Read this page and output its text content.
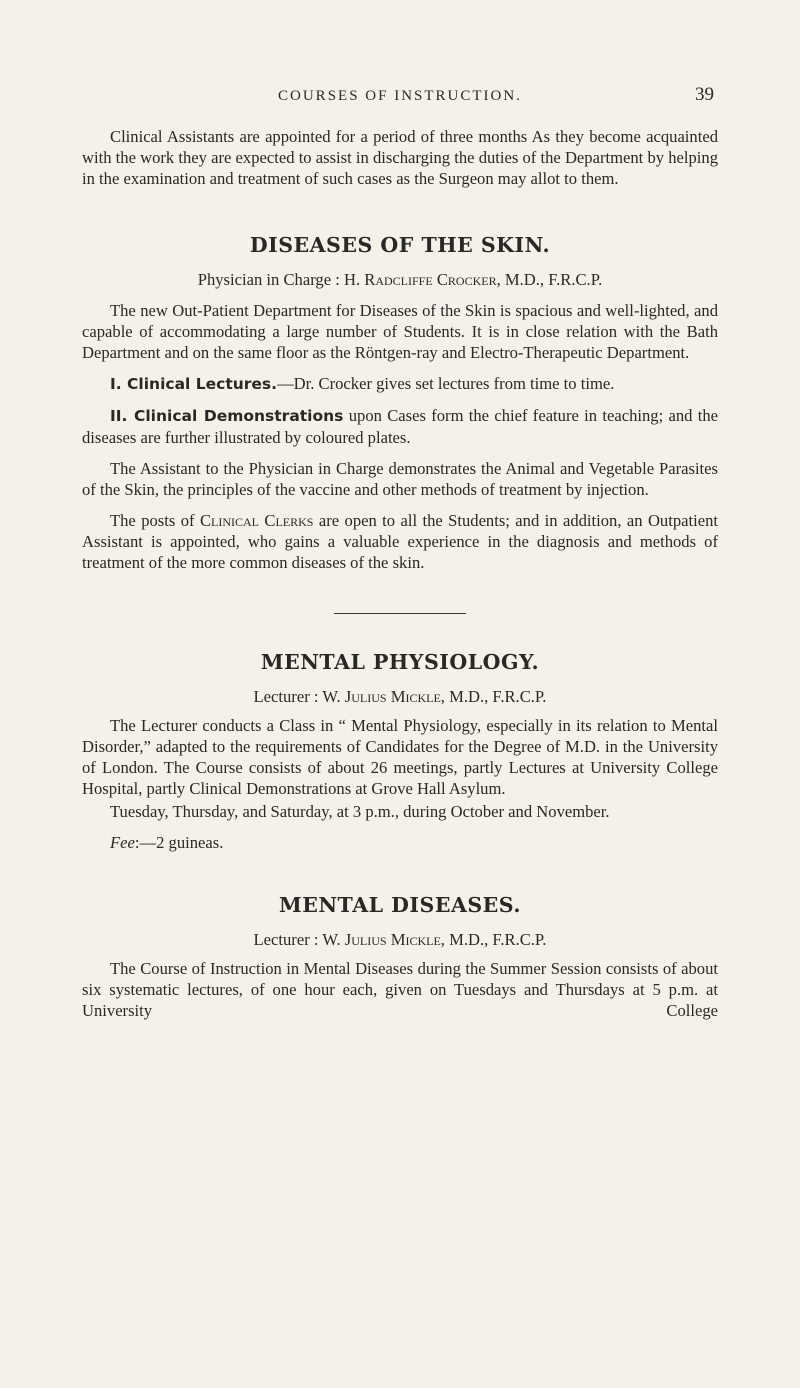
COURSES OF INSTRUCTION.	39

Clinical Assistants are appointed for a period of three months As they become acquainted with the work they are expected to assist in discharging the duties of the Department by helping in the examination and treatment of such cases as the Surgeon may allot to them.

DISEASES OF THE SKIN.

Physician in Charge : H. Radcliffe Crocker, M.D., F.R.C.P.

The new Out-Patient Department for Diseases of the Skin is spacious and well-lighted, and capable of accommodating a large number of Students. It is in close relation with the Bath Department and on the same floor as the Röntgen-ray and Electro-Therapeutic Department.

I. Clinical Lectures.—Dr. Crocker gives set lectures from time to time.

II. Clinical Demonstrations upon Cases form the chief feature in teaching; and the diseases are further illustrated by coloured plates.

The Assistant to the Physician in Charge demonstrates the Animal and Vegetable Parasites of the Skin, the principles of the vaccine and other methods of treatment by injection.

The posts of Clinical Clerks are open to all the Students; and in addition, an Outpatient Assistant is appointed, who gains a valuable experience in the diagnosis and methods of treatment of the more common diseases of the skin.

MENTAL PHYSIOLOGY.

Lecturer : W. Julius Mickle, M.D., F.R.C.P.

The Lecturer conducts a Class in “ Mental Physiology, especially in its relation to Mental Disorder,” adapted to the requirements of Candidates for the Degree of M.D. in the University of London. The Course consists of about 26 meetings, partly Lectures at University College Hospital, partly Clinical Demonstrations at Grove Hall Asylum.

Tuesday, Thursday, and Saturday, at 3 p.m., during October and November.

Fee:—2 guineas.

MENTAL DISEASES.

Lecturer : W. Julius Mickle, M.D., F.R.C.P.

The Course of Instruction in Mental Diseases during the Summer Session consists of about six systematic lectures, of one hour each, given on Tuesdays and Thursdays at 5 p.m. at University College
